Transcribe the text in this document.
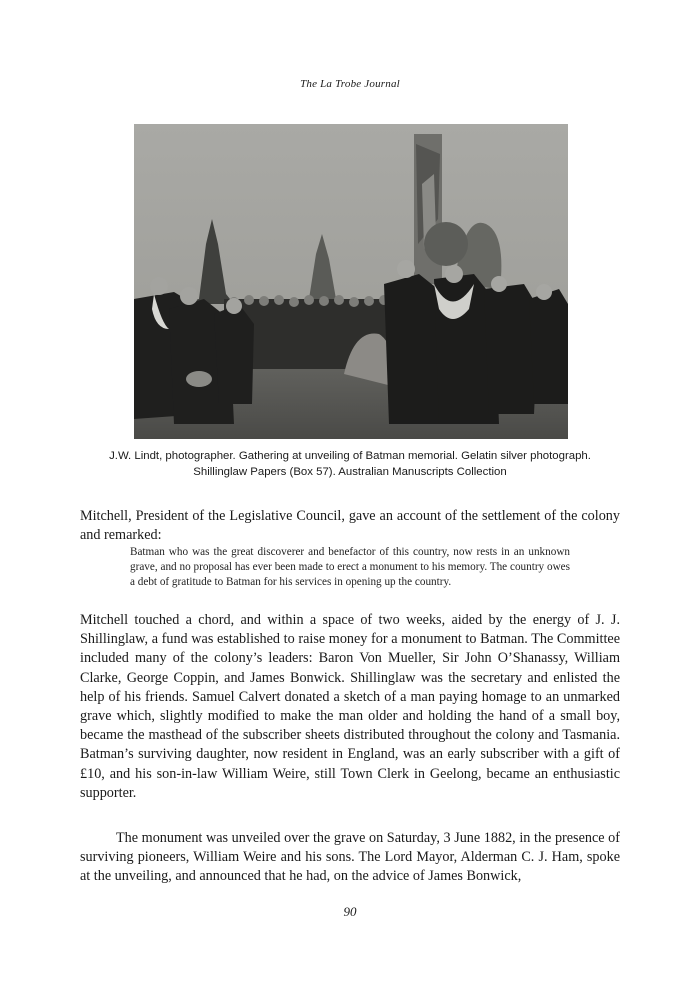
The La Trobe Journal
J.W. Lindt, photographer. Gathering at unveiling of Batman memorial. Gelatin silver photograph.
Shillinglaw Papers (Box 57). Australian Manuscripts Collection
Mitchell, President of the Legislative Council, gave an account of the settlement of the colony and remarked:
Batman who was the great discoverer and benefactor of this country, now rests in an unknown grave, and no proposal has ever been made to erect a monument to his memory. The country owes a debt of gratitude to Batman for his services in opening up the country.
Mitchell touched a chord, and within a space of two weeks, aided by the energy of J. J. Shillinglaw, a fund was established to raise money for a monument to Batman. The Committee included many of the colony’s leaders: Baron Von Mueller, Sir John O’Shanassy, William Clarke, George Coppin, and James Bonwick. Shillinglaw was the secretary and enlisted the help of his friends. Samuel Calvert donated a sketch of a man paying homage to an unmarked grave which, slightly modified to make the man older and holding the hand of a small boy, became the masthead of the subscriber sheets distributed throughout the colony and Tasmania. Batman’s surviving daughter, now resident in England, was an early subscriber with a gift of £10, and his son-in-law William Weire, still Town Clerk in Geelong, became an enthusiastic supporter.
The monument was unveiled over the grave on Saturday, 3 June 1882, in the presence of surviving pioneers, William Weire and his sons. The Lord Mayor, Alderman C. J. Ham, spoke at the unveiling, and announced that he had, on the advice of James Bonwick,
90
